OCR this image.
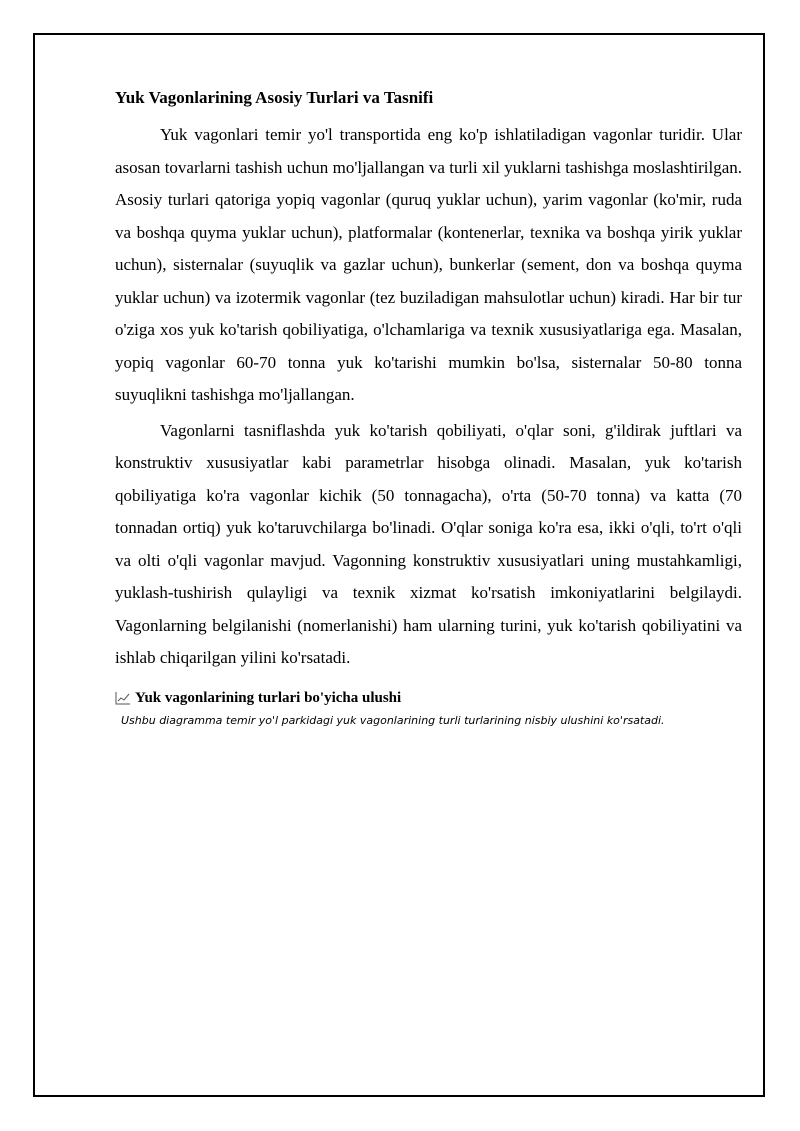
Yuk Vagonlarining Asosiy Turlari va Tasnifi

Yuk vagonlari temir yo'l transportida eng ko'p ishlatiladigan vagonlar turidir. Ular asosan tovarlarni tashish uchun mo'ljallangan va turli xil yuklarni tashishga moslashtirilgan. Asosiy turlari qatoriga yopiq vagonlar (quruq yuklar uchun), yarim vagonlar (ko'mir, ruda va boshqa quyma yuklar uchun), platformalar (kontenerlar, texnika va boshqa yirik yuklar uchun), sisternalar (suyuqlik va gazlar uchun), bunkerlar (sement, don va boshqa quyma yuklar uchun) va izotermik vagonlar (tez buziladigan mahsulotlar uchun) kiradi. Har bir tur o'ziga xos yuk ko'tarish qobiliyatiga, o'lchamlariga va texnik xususiyatlariga ega. Masalan, yopiq vagonlar 60-70 tonna yuk ko'tarishi mumkin bo'lsa, sisternalar 50-80 tonna suyuqlikni tashishga mo'ljallangan.

Vagonlarni tasniflashda yuk ko'tarish qobiliyati, o'qlar soni, g'ildirak juftlari va konstruktiv xususiyatlar kabi parametrlar hisobga olinadi. Masalan, yuk ko'tarish qobiliyatiga ko'ra vagonlar kichik (50 tonnagacha), o'rta (50-70 tonna) va katta (70 tonnadan ortiq) yuk ko'taruvchilarga bo'linadi. O'qlar soniga ko'ra esa, ikki o'qli, to'rt o'qli va olti o'qli vagonlar mavjud. Vagonning konstruktiv xususiyatlari uning mustahkamligi, yuklash-tushirish qulayligi va texnik xizmat ko'rsatish imkoniyatlarini belgilaydi. Vagonlarning belgilanishi (nomerlanishi) ham ularning turini, yuk ko'tarish qobiliyatini va ishlab chiqarilgan yilini ko'rsatadi.

Yuk vagonlarining turlari bo'yicha ulushi
Ushbu diagramma temir yo'l parkidagi yuk vagonlarining turli turlarining nisbiy ulushini ko'rsatadi.
